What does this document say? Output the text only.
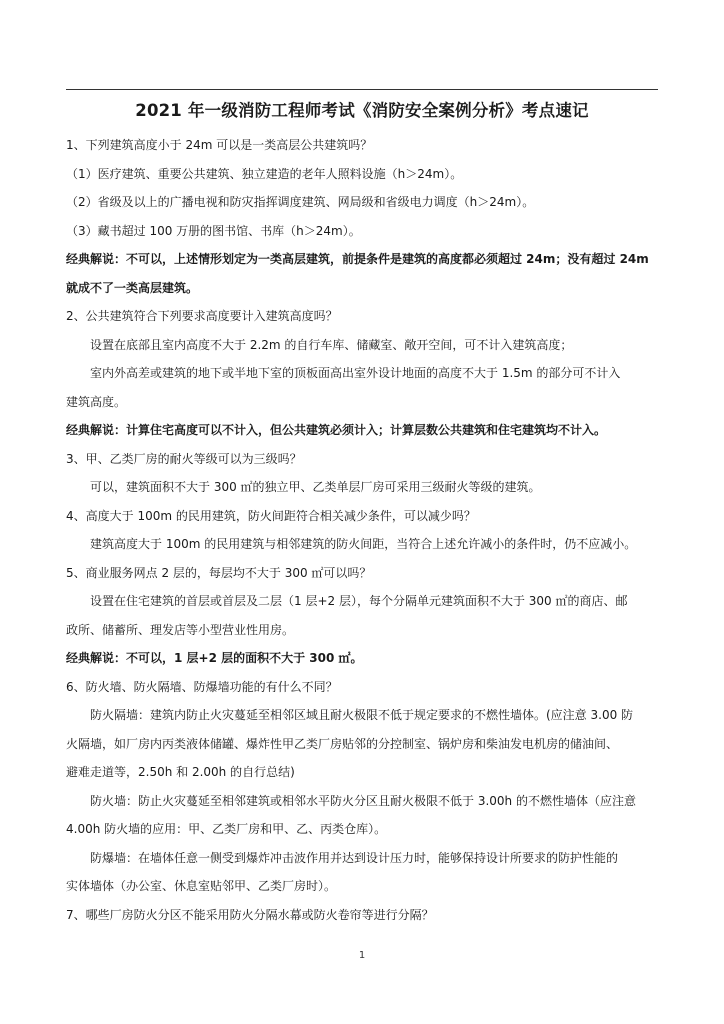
2021 年一级消防工程师考试《消防安全案例分析》考点速记

1、下列建筑高度小于 24m 可以是一类高层公共建筑吗？

（1）医疗建筑、重要公共建筑、独立建造的老年人照料设施（h＞24m）。

（2）省级及以上的广播电视和防灾指挥调度建筑、网局级和省级电力调度（h＞24m）。

（3）藏书超过 100 万册的图书馆、书库（h＞24m）。

经典解说：不可以，上述情形划定为一类高层建筑，前提条件是建筑的高度都必须超过 24m；没有超过 24m

就成不了一类高层建筑。

2、公共建筑符合下列要求高度要计入建筑高度吗？

设置在底部且室内高度不大于 2.2m 的自行车库、储藏室、敞开空间，可不计入建筑高度；

室内外高差或建筑的地下或半地下室的顶板面高出室外设计地面的高度不大于 1.5m 的部分可不计入

建筑高度。

经典解说：计算住宅高度可以不计入，但公共建筑必须计入；计算层数公共建筑和住宅建筑均不计入。

3、甲、乙类厂房的耐火等级可以为三级吗？

可以，建筑面积不大于 300 ㎡的独立甲、乙类单层厂房可采用三级耐火等级的建筑。

4、高度大于 100m 的民用建筑，防火间距符合相关减少条件，可以减少吗？

建筑高度大于 100m 的民用建筑与相邻建筑的防火间距，当符合上述允许减小的条件时，仍不应减小。

5、商业服务网点 2 层的，每层均不大于 300 ㎡可以吗？

设置在住宅建筑的首层或首层及二层（1 层+2 层），每个分隔单元建筑面积不大于 300 ㎡的商店、邮

政所、储蓄所、理发店等小型营业性用房。

经典解说：不可以，1 层+2 层的面积不大于 300 ㎡。

6、防火墙、防火隔墙、防爆墙功能的有什么不同？

防火隔墙：建筑内防止火灾蔓延至相邻区域且耐火极限不低于规定要求的不燃性墙体。(应注意 3.00 防

火隔墙，如厂房内丙类液体储罐、爆炸性甲乙类厂房贴邻的分控制室、锅炉房和柴油发电机房的储油间、

避难走道等，2.50h 和 2.00h 的自行总结)

防火墙：防止火灾蔓延至相邻建筑或相邻水平防火分区且耐火极限不低于 3.00h 的不燃性墙体（应注意

4.00h 防火墙的应用：甲、乙类厂房和甲、乙、丙类仓库）。

防爆墙：在墙体任意一侧受到爆炸冲击波作用并达到设计压力时，能够保持设计所要求的防护性能的

实体墙体（办公室、休息室贴邻甲、乙类厂房时）。

7、哪些厂房防火分区不能采用防火分隔水幕或防火卷帘等进行分隔？

1
